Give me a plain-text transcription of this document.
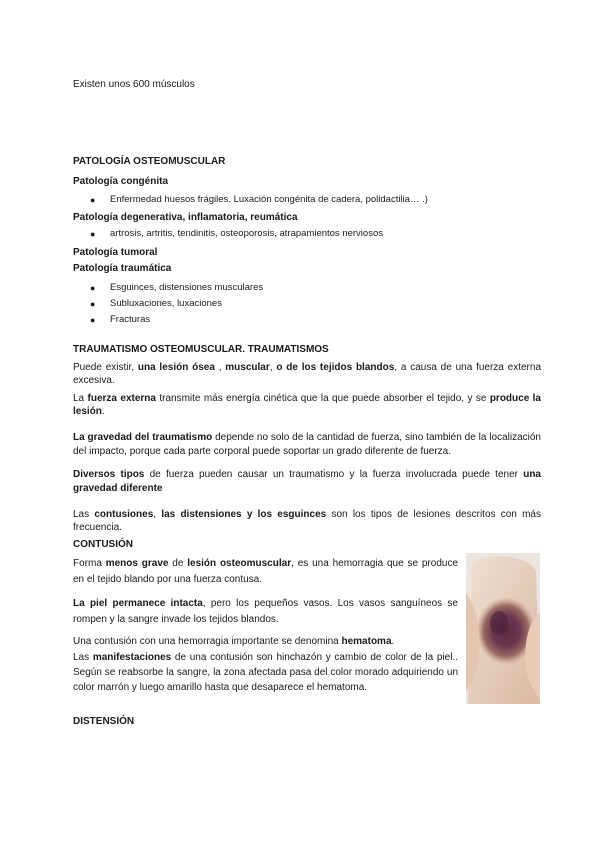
Existen unos 600 músculos
PATOLOGÍA OSTEOMUSCULAR
Patología congénita
● Enfermedad huesos frágiles. Luxación congénita de cadera, polidactilia… .)
Patología degenerativa, inflamatoria, reumática
● artrosis, artritis, tendinitis, osteoporosis, atrapamientos nerviosos
Patología tumoral
Patología traumática
● Esguinces, distensiones musculares
● Subluxaciones, luxaciones
● Fracturas
TRAUMATISMO OSTEOMUSCULAR. TRAUMATISMOS
Puede existir, una lesión ósea , muscular, o de los tejidos blandos, a causa de una fuerza externa excesiva.
La fuerza externa transmite más energía cinética que la que puede absorber el tejido, y se produce la lesión.
La gravedad del traumatismo depende no solo de la cantidad de fuerza, sino también de la localización del impacto, porque cada parte corporal puede soportar un grado diferente de fuerza.
Diversos tipos de fuerza pueden causar un traumatismo y la fuerza involucrada puede tener una gravedad diferente
Las contusiones, las distensiones y los esguinces son los tipos de lesiones descritos con más frecuencia.
CONTUSIÓN
Forma menos grave de lesión osteomuscular, es una hemorragia que se produce en el tejido blando por una fuerza contusa.
La piel permanece intacta, pero los pequeños vasos. Los vasos sanguíneos se rompen y la sangre invade los tejidos blandos.
Una contusión con una hemorragia importante se denomina hematoma.
Las manifestaciones de una contusión son hinchazón y cambio de color de la piel.. Según se reabsorbe la sangre, la zona afectada pasa del color morado adquiriendo un color marrón y luego amarillo hasta que desaparece el hematoma.
DISTENSIÓN
